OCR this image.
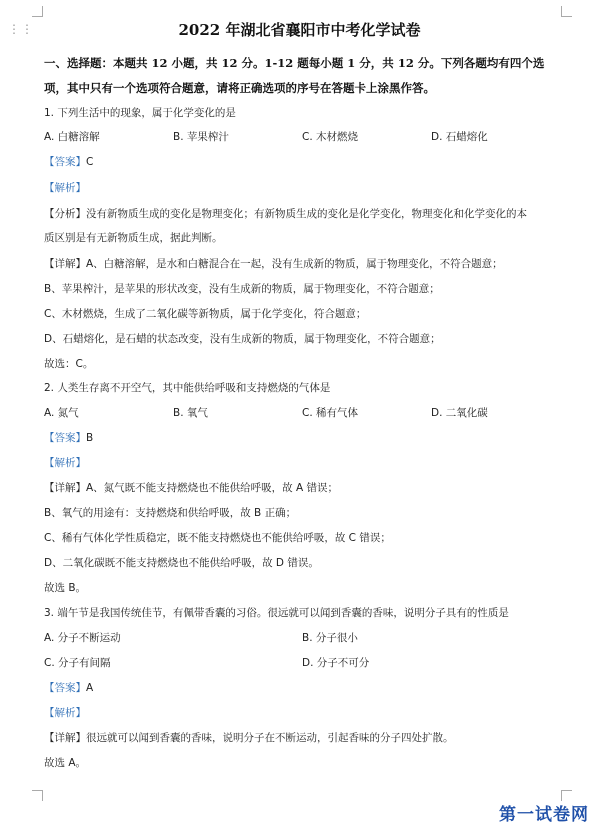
⋮⋮	2022 年湖北省襄阳市中考化学试卷
一、选择题：本题共 12 小题，共 12 分。1-12 题每小题 1 分，共 12 分。下列各题均有四个选
项，其中只有一个选项符合题意，请将正确选项的序号在答题卡上涂黑作答。
1. 下列生活中的现象，属于化学变化的是
A. 白糖溶解	B. 苹果榨汁	C. 木材燃烧	D. 石蜡熔化
【答案】C
【解析】
【分析】没有新物质生成的变化是物理变化；有新物质生成的变化是化学变化，物理变化和化学变化的本
质区别是有无新物质生成，据此判断。
【详解】A、白糖溶解，是水和白糖混合在一起，没有生成新的物质，属于物理变化，不符合题意；
B、苹果榨汁，是苹果的形状改变，没有生成新的物质，属于物理变化，不符合题意；
C、木材燃烧，生成了二氧化碳等新物质，属于化学变化，符合题意；
D、石蜡熔化，是石蜡的状态改变，没有生成新的物质，属于物理变化，不符合题意；
故选：C。
2. 人类生存离不开空气，其中能供给呼吸和支持燃烧的气体是
A. 氮气	B. 氧气	C. 稀有气体	D. 二氧化碳
【答案】B
【解析】
【详解】A、氮气既不能支持燃烧也不能供给呼吸，故 A 错误；
B、氧气的用途有：支持燃烧和供给呼吸，故 B 正确；
C、稀有气体化学性质稳定，既不能支持燃烧也不能供给呼吸，故 C 错误；
D、二氧化碳既不能支持燃烧也不能供给呼吸，故 D 错误。
故选 B。
3. 端午节是我国传统佳节，有佩带香囊的习俗。很远就可以闻到香囊的香味，说明分子具有的性质是
A. 分子不断运动	B. 分子很小
C. 分子有间隔	D. 分子不可分
【答案】A
【解析】
【详解】很远就可以闻到香囊的香味，说明分子在不断运动，引起香味的分子四处扩散。
故选 A。
第一试卷网
